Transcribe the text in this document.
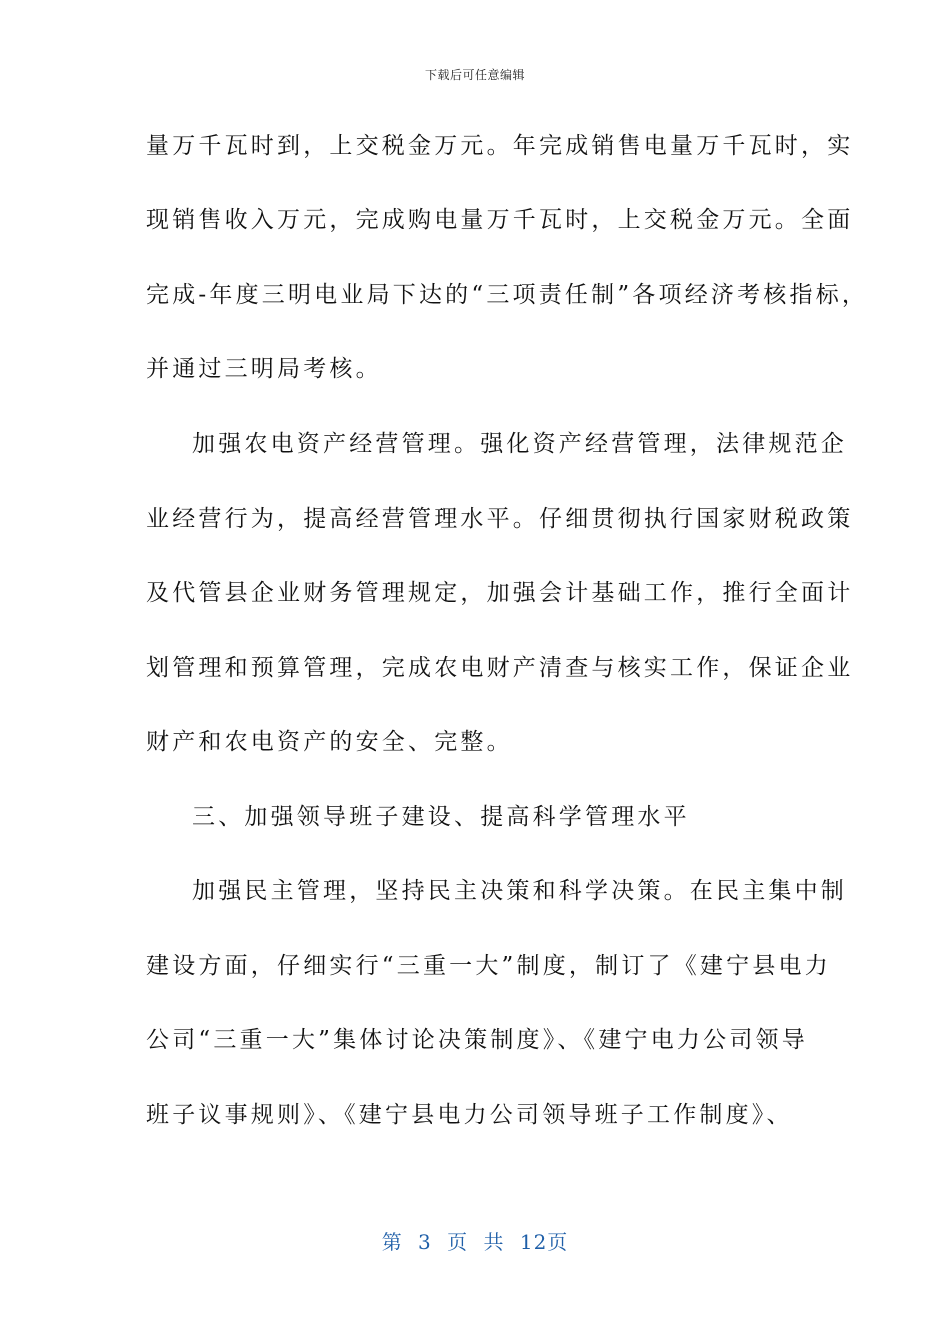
下载后可任意编辑
量万千瓦时到，上交税金万元。年完成销售电量万千瓦时，实
现销售收入万元，完成购电量万千瓦时，上交税金万元。全面
完成-年度三明电业局下达的“三项责任制”各项经济考核指标，
并通过三明局考核。
加强农电资产经营管理。强化资产经营管理，法律规范企
业经营行为，提高经营管理水平。仔细贯彻执行国家财税政策
及代管县企业财务管理规定，加强会计基础工作，推行全面计
划管理和预算管理，完成农电财产清查与核实工作，保证企业
财产和农电资产的安全、完整。
三、加强领导班子建设、提高科学管理水平
加强民主管理，坚持民主决策和科学决策。在民主集中制
建设方面，仔细实行“三重一大”制度，制订了《建宁县电力
公司“三重一大”集体讨论决策制度》、《建宁电力公司领导
班子议事规则》、《建宁县电力公司领导班子工作制度》、
第 3 页 共 12页
